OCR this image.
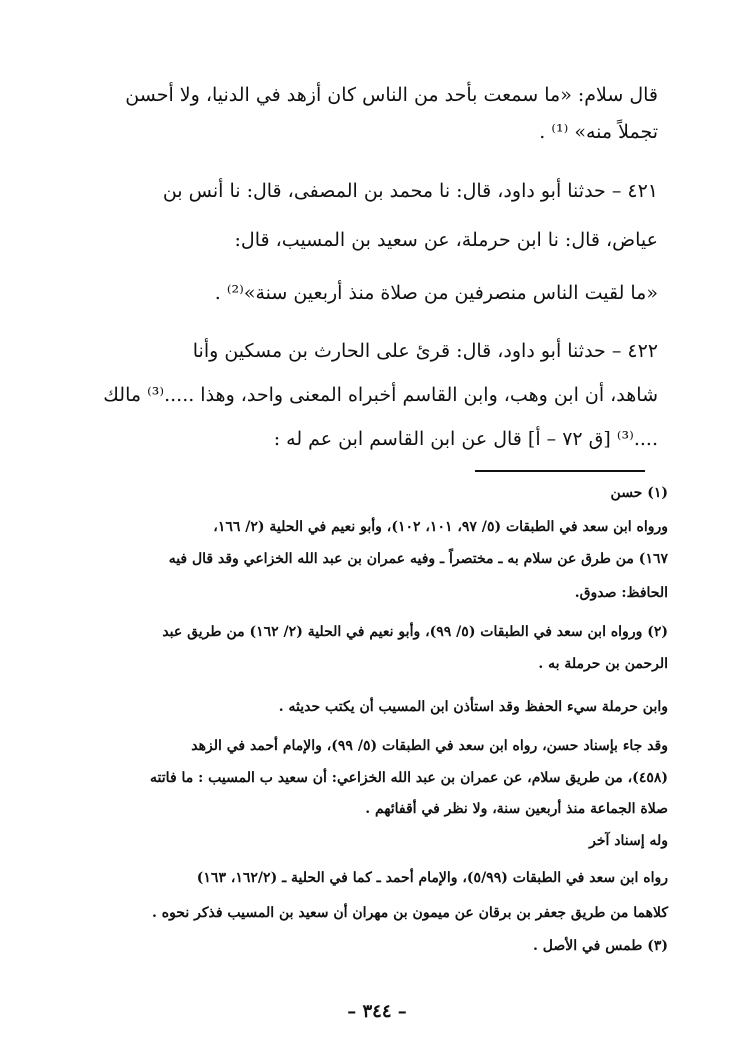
قال سلام: «ما سمعت بأحد من الناس كان أزهد في الدنيا، ولا أحسن
تجملاً منه» ⁽¹⁾ .
٤٢١ – حدثنا أبو داود، قال: نا محمد بن المصفى، قال: نا أنس بن
عياض، قال: نا ابن حرملة، عن سعيد بن المسيب، قال:
«ما لقيت الناس منصرفين من صلاة منذ أربعين سنة»⁽²⁾ .
٤٢٢ – حدثنا أبو داود، قال: قرئ على الحارث بن مسكين وأنا
شاهد، أن ابن وهب، وابن القاسم أخبراه المعنى واحد، وهذا .....⁽³⁾ مالك
....⁽³⁾ [ق ٧٢ – أ] قال عن ابن القاسم ابن عم له :
(١) حسن
ورواه ابن سعد في الطبقات (٥/ ٩٧، ١٠١، ١٠٢)، وأبو نعيم في الحلية (٢/ ١٦٦،
١٦٧) من طرق عن سلام به ـ مختصراً ـ وفيه عمران بن عبد الله الخزاعي وقد قال فيه
الحافظ: صدوق.
(٢) ورواه ابن سعد في الطبقات (٥/ ٩٩)، وأبو نعيم في الحلية (٢/ ١٦٢) من طريق عبد
الرحمن بن حرملة به .
وابن حرملة سيء الحفظ وقد استأذن ابن المسيب أن يكتب حديثه .
وقد جاء بإسناد حسن، رواه ابن سعد في الطبقات (٥/ ٩٩)، والإمام أحمد في الزهد
(٤٥٨)، من طريق سلام، عن عمران بن عبد الله الخزاعي: أن سعيد ب المسيب : ما فاتته
صلاة الجماعة منذ أربعين سنة، ولا نظر في أقفائهم .
وله إسناد آخر
رواه ابن سعد في الطبقات (٥/٩٩)، والإمام أحمد ـ كما في الحلية ـ (١٦٢/٢، ١٦٣)
كلاهما من طريق جعفر بن برقان عن ميمون بن مهران أن سعيد بن المسيب فذكر نحوه .
(٣) طمس في الأصل .
– ٣٤٤ –
